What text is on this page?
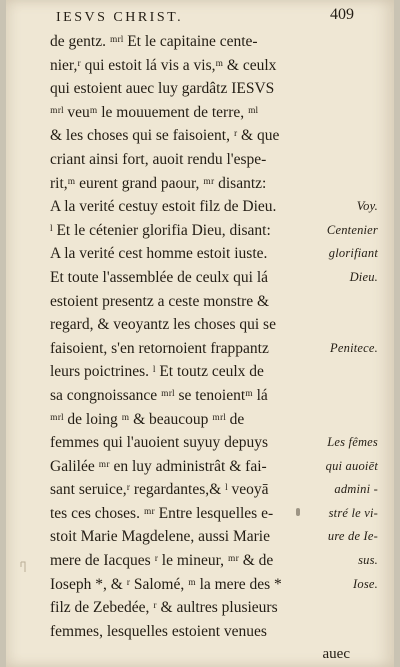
IESVS CHRIST.	409
de gentz. ᵐʳˡ Et le capitaine cente-
nier,ʳ qui estoit lá vis a vis,ᵐ & ceulx
qui estoient auec luy gardâtz IESVS
ᵐʳˡ veuᵐ le mouuement de terre, ᵐˡ
& les choses qui se faisoient, ʳ & que
criant ainsi fort, auoit rendu l'espe-
rit,ᵐ eurent grand paour, ᵐʳ disantz:
A la verité cestuy estoit filz de Dieu.	Voy.
ˡ Et le cétenier glorifia Dieu, disant:	Centenier
A la verité cest homme estoit iuste.	glorifiant
Et toute l'assemblée de ceulx qui lá	Dieu.
estoient presentz a ceste monstre &
regard, & veoyantz les choses qui se
faisoient, s'en retornoient frappantz	Penitece.
leurs poictrines. ˡ Et toutz ceulx de
sa congnoissance ᵐʳˡ se tenoientᵐ lá
ᵐʳˡ de loing ᵐ & beaucoup ᵐʳˡ de
femmes qui l'auoient suyuy depuys	Les fêmes
Galilée ᵐʳ en luy administrât & fai-	qui auoiēt
sant seruice,ʳ regardantes,& ˡ veoyā	admini -
tes ces choses. ᵐʳ Entre lesquelles e-	stré le vi-
stoit Marie Magdelene, aussi Marie	ure de Ie-
mere de Iacques ʳ le mineur, ᵐʳ & de	sus.
Ioseph *, & ʳ Salomé, ᵐ la mere des *	Iose.
filz de Zebedée, ʳ & aultres plusieurs
femmes, lesquelles estoient venues
auec
